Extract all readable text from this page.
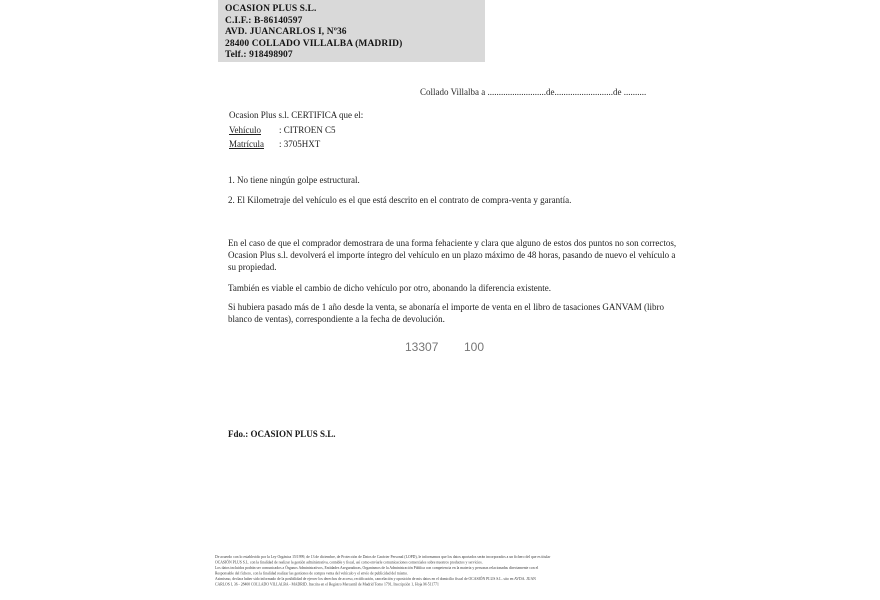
OCASION PLUS S.L.
C.I.F.: B-86140597
AVD. JUANCARLOS I, Nº36
28400 COLLADO VILLALBA (MADRID)
Telf.: 918498907
Collado Villalba a ..........................de..........................de ..........
Ocasion Plus s.l. CERTIFICA que el:
Vehículo : CITROEN C5
Matrícula : 3705HXT
1. No tiene ningún golpe estructural.
2. El Kilometraje del vehículo es el que está descrito en el contrato de compra-venta y garantía.
En el caso de que el comprador demostrara de una forma fehaciente y clara que alguno de estos dos puntos no son correctos, Ocasion Plus s.l. devolverá el importe íntegro del vehículo en un plazo máximo de 48 horas, pasando de nuevo el vehículo a su propiedad.
También es viable el cambio de dicho vehículo por otro, abonando la diferencia existente.
Si hubiera pasado más de 1 año desde la venta, se abonaría el importe de venta en el libro de tasaciones GANVAM (libro blanco de ventas), correspondiente a la fecha de devolución.
13307 100
Fdo.: OCASION PLUS S.L.
De acuerdo con lo establecido por la Ley Orgánica 15/1999, de 13 de diciembre, de Protección de Datos de Carácter Personal (LOPD), le informamos que los datos aportados serán incorporados a un fichero del que es titular
OCASIÓN PLUS S.L. con la finalidad de realizar la gestión administrativa, contable y fiscal, así como enviarle comunicaciones comerciales sobre nuestros productos y servicios.
Los datos incluidos podrán ser comunicados a Órganos Administrativos, Entidades Aseguradoras, Organismos de la Administración Pública con competencia en la materia y personas relacionadas directamente con el
Responsable del fichero, con la finalidad realizar las gestiones de compra venta del vehículo y el envío de publicidad del mismo.
Asimismo, declara haber sido informado de la posibilidad de ejercer los derechos de acceso, rectificación, cancelación y oposición de mis datos en el domicilio fiscal de OCASIÓN PLUS S.L. sito en AVDA. JUAN
CARLOS I, 36 - 28400 COLLADO VILLALBA - MADRID. Inscrita en el Registro Mercantil de Madrid Tomo 1791, Inscripción 1, Hoja M-511771
